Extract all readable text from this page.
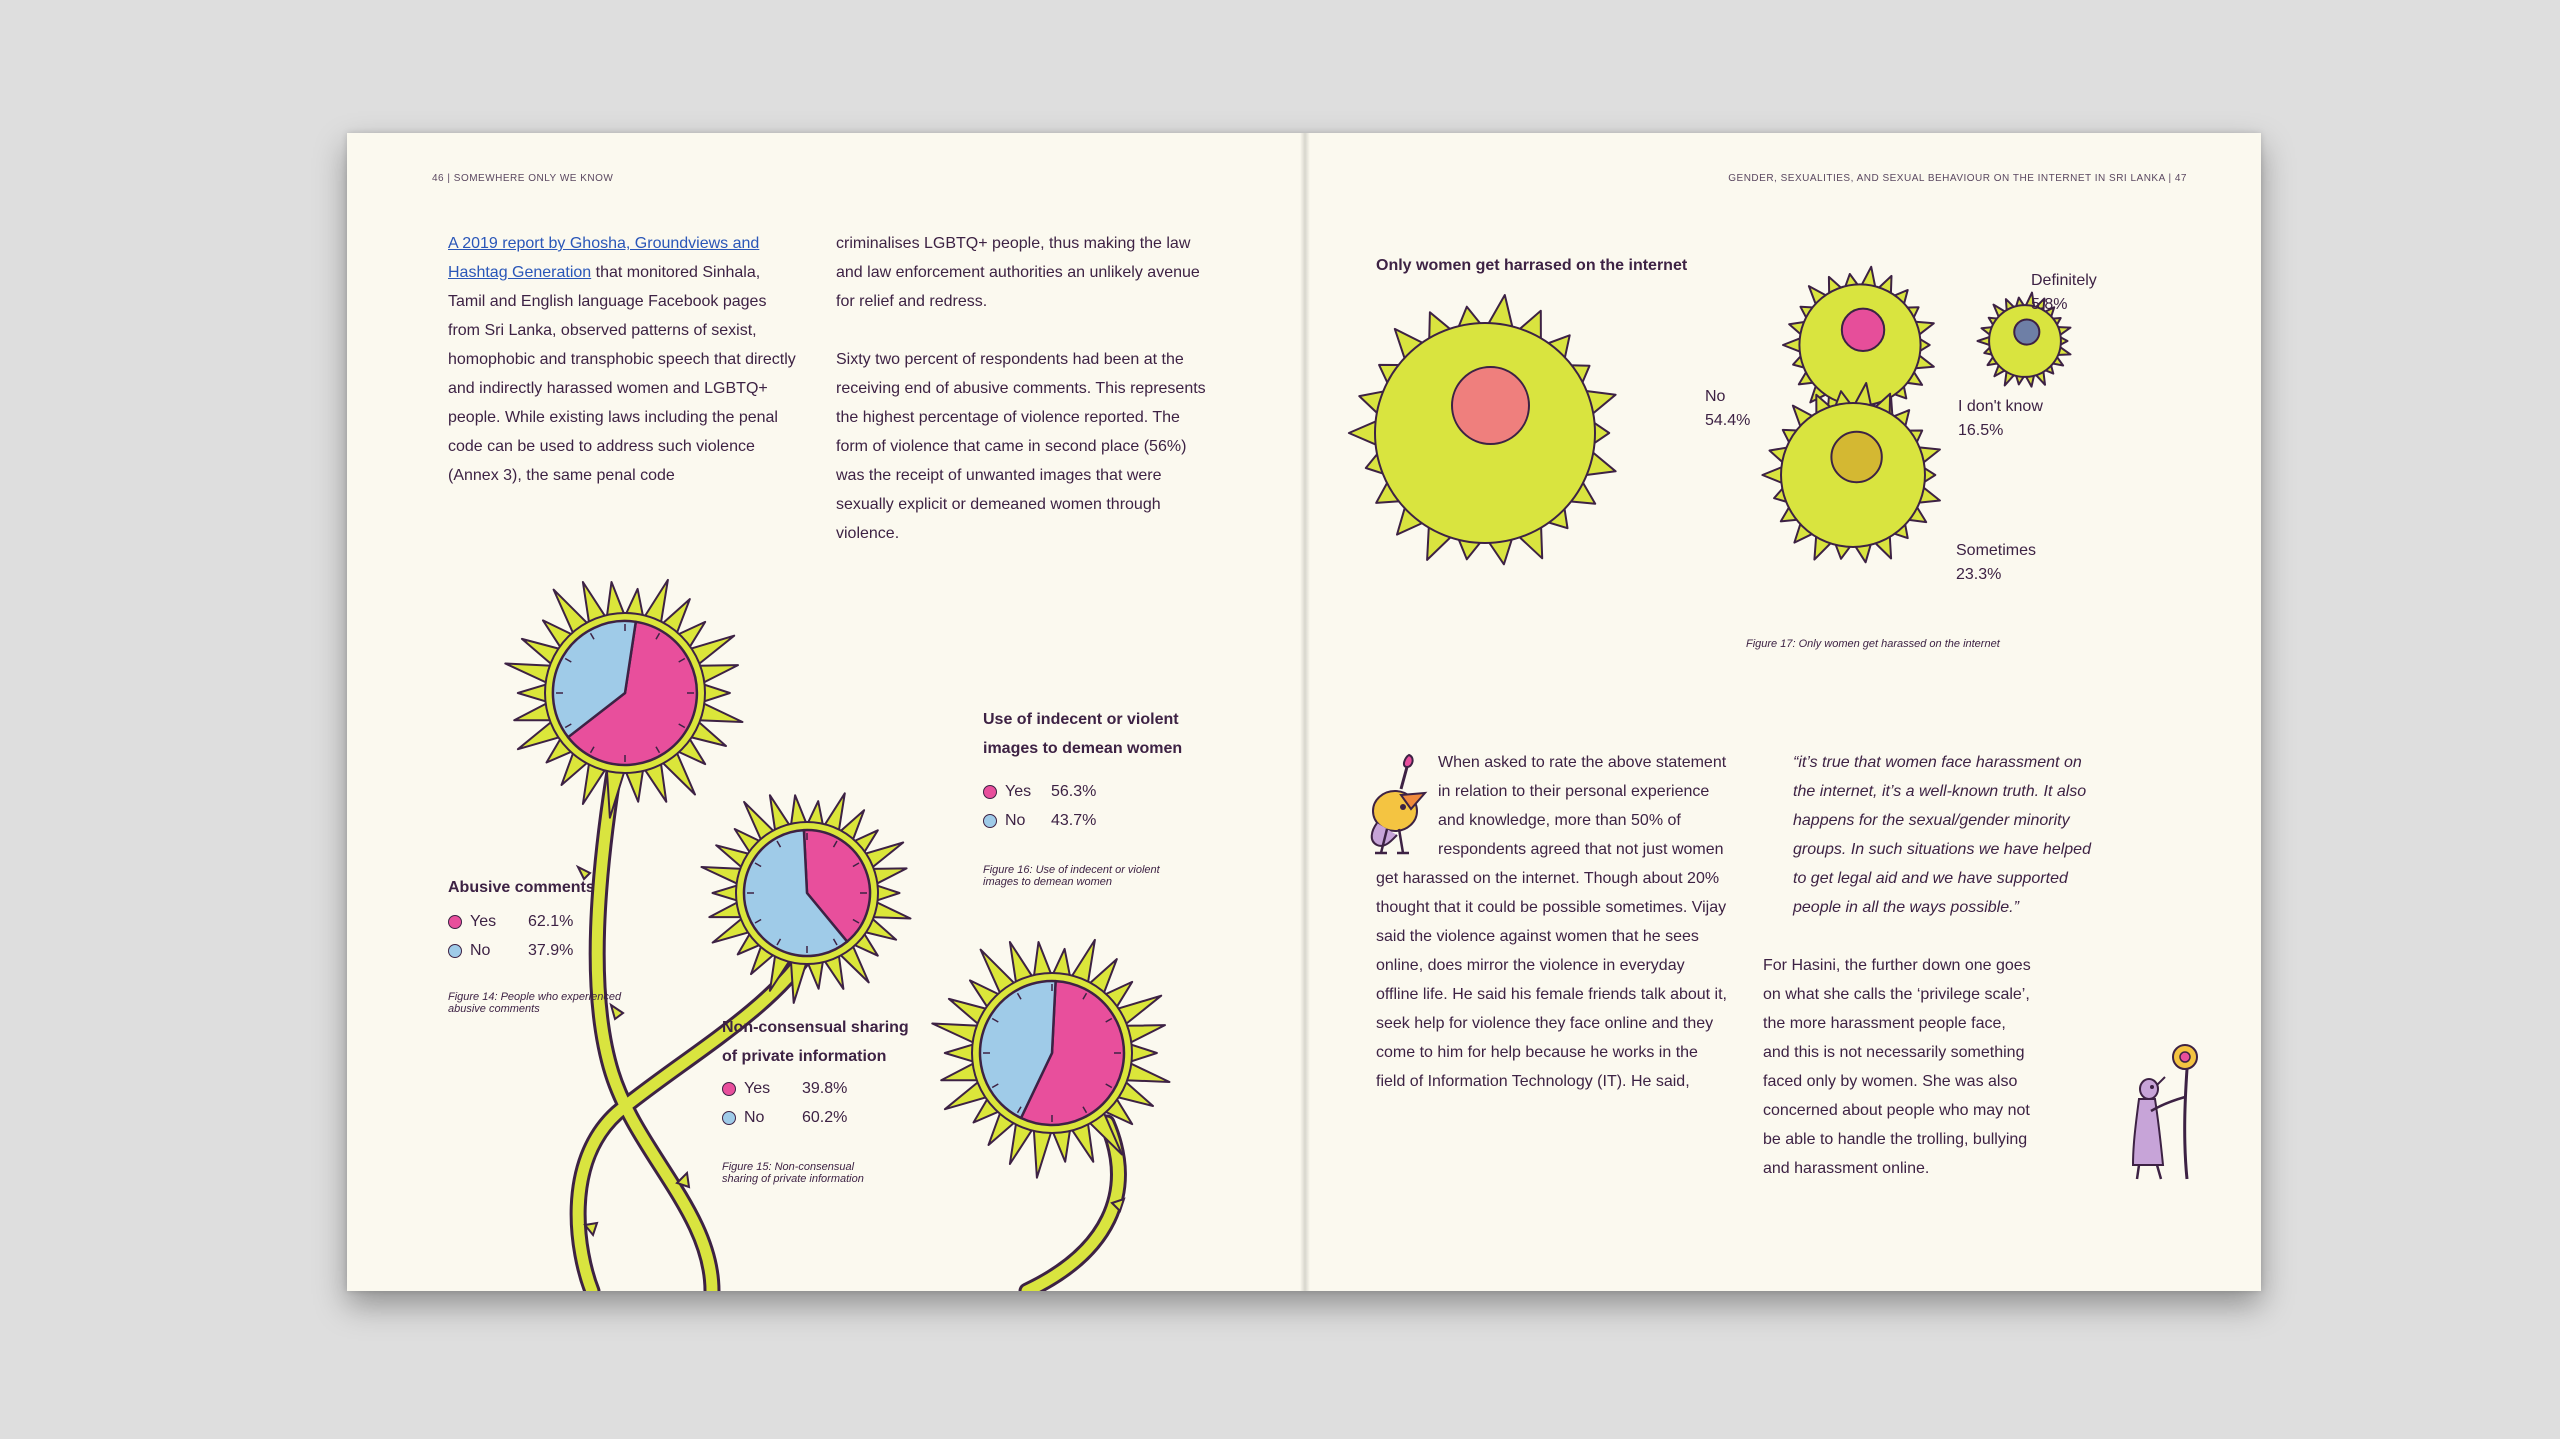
46 | SOMEWHERE ONLY WE KNOW
A 2019 report by Ghosha, Groundviews and Hashtag Generation that monitored Sinhala, Tamil and English language Facebook pages from Sri Lanka, observed patterns of sexist, homophobic and transphobic speech that directly and indirectly harassed women and LGBTQ+ people. While existing laws including the penal code can be used to address such violence (Annex 3), the same penal code

criminalises LGBTQ+ people, thus making the law and law enforcement authorities an unlikely avenue for relief and redress.

Sixty two percent of respondents had been at the receiving end of abusive comments. This represents the highest percentage of violence reported. The form of violence that came in second place (56%) was the receipt of unwanted images that were sexually explicit or demeaned women through violence.

Abusive comments
Yes	62.1%
No	37.9%
Figure 14: People who experienced abusive comments
Non-consensual sharing of private information
Yes	39.8%
No	60.2%
Figure 15: Non-consensual sharing of private information
Use of indecent or violent images to demean women
Yes	56.3%
No	43.7%
Figure 16: Use of indecent or violent images to demean women
GENDER, SEXUALITIES, AND SEXUAL BEHAVIOUR ON THE INTERNET IN SRI LANKA | 47
Only women get harrased on the internet
No
54.4%
Definitely
5.8%
I don't know
16.5%
Sometimes
23.3%
Figure 17: Only women get harassed on the internet
When asked to rate the above statement in relation to their personal experience and knowledge, more than 50% of respondents agreed that not just women get harassed on the internet. Though about 20% thought that it could be possible sometimes. Vijay said the violence against women that he sees online, does mirror the violence in everyday offline life. He said his female friends talk about it, seek help for violence they face online and they come to him for help because he works in the field of Information Technology (IT). He said,

“it’s true that women face harassment on the internet, it’s a well-known truth. It also happens for the sexual/gender minority groups. In such situations we have helped to get legal aid and we have supported people in all the ways possible.”

For Hasini, the further down one goes on what she calls the ‘privilege scale’, the more harassment people face, and this is not necessarily something faced only by women. She was also concerned about people who may not be able to handle the trolling, bullying and harassment online.
